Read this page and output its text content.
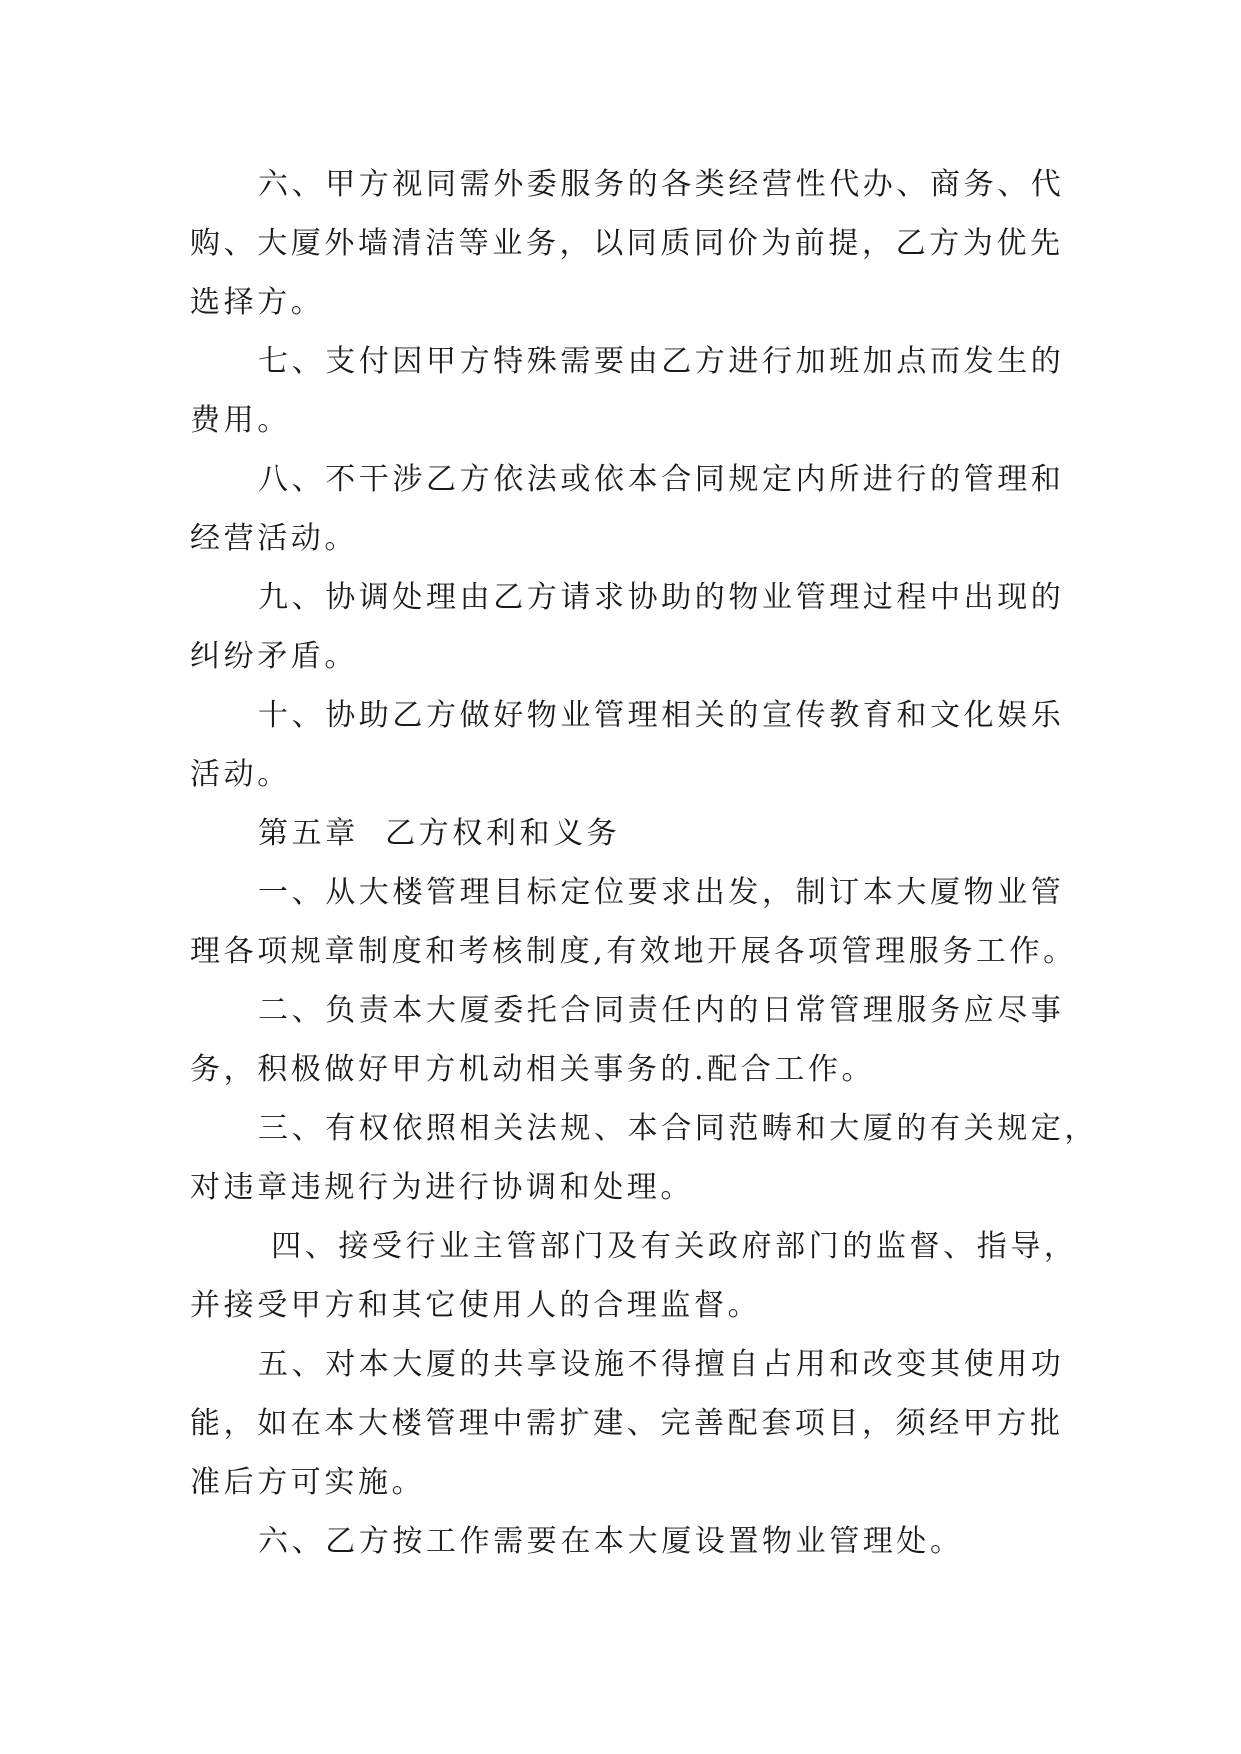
六、甲方视同需外委服务的各类经营性代办、商务、代
购、大厦外墙清洁等业务，以同质同价为前提，乙方为优先
选择方。
七、支付因甲方特殊需要由乙方进行加班加点而发生的
费用。
八、不干涉乙方依法或依本合同规定内所进行的管理和
经营活动。
九、协调处理由乙方请求协助的物业管理过程中出现的
纠纷矛盾。
十、协助乙方做好物业管理相关的宣传教育和文化娱乐
活动。
第五章  乙方权利和义务
一、从大楼管理目标定位要求出发，制订本大厦物业管
理各项规章制度和考核制度,有效地开展各项管理服务工作。
二、负责本大厦委托合同责任内的日常管理服务应尽事
务，积极做好甲方机动相关事务的.配合工作。
三、有权依照相关法规、本合同范畴和大厦的有关规定，
对违章违规行为进行协调和处理。
四、接受行业主管部门及有关政府部门的监督、指导，
并接受甲方和其它使用人的合理监督。
五、对本大厦的共享设施不得擅自占用和改变其使用功
能，如在本大楼管理中需扩建、完善配套项目，须经甲方批
准后方可实施。
六、乙方按工作需要在本大厦设置物业管理处。
